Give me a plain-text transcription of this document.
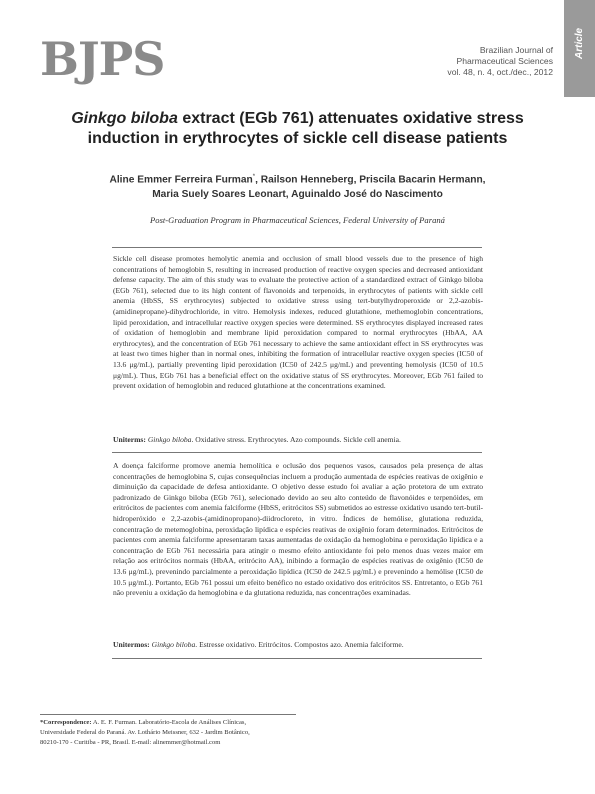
Article
BJPS	Brazilian Journal of
Pharmaceutical Sciences
vol. 48, n. 4, oct./dec., 2012
Ginkgo biloba extract (EGb 761) attenuates oxidative stress
induction in erythrocytes of sickle cell disease patients
Aline Emmer Ferreira Furman*, Railson Henneberg, Priscila Bacarin Hermann,
Maria Suely Soares Leonart, Aguinaldo José do Nascimento
Post-Graduation Program in Pharmaceutical Sciences, Federal University of Paraná

Sickle cell disease promotes hemolytic anemia and occlusion of small blood vessels due to the presence of high concentrations of hemoglobin S, resulting in increased production of reactive oxygen species and decreased antioxidant defense capacity. The aim of this study was to evaluate the protective action of a standardized extract of Ginkgo biloba (EGb 761), selected due to its high content of flavonoids and terpenoids, in erythrocytes of patients with sickle cell anemia (HbSS, SS erythrocytes) subjected to oxidative stress using tert-butylhydroperoxide or 2,2-azobis-(amidinepropane)-dihydrochloride, in vitro. Hemolysis indexes, reduced glutathione, methemoglobin concentrations, lipid peroxidation, and intracellular reactive oxygen species were determined. SS erythrocytes displayed increased rates of oxidation of hemoglobin and membrane lipid peroxidation compared to normal erythrocytes (HbAA, AA erythrocytes), and the concentration of EGb 761 necessary to achieve the same antioxidant effect in SS erythrocytes was at least two times higher than in normal ones, inhibiting the formation of intracellular reactive oxygen species (IC50 of 13.6 μg/mL), partially preventing lipid peroxidation (IC50 of 242.5 μg/mL) and preventing hemolysis (IC50 of 10.5 μg/mL). Thus, EGb 761 has a beneficial effect on the oxidative status of SS erythrocytes. Moreover, EGb 761 failed to prevent oxidation of hemoglobin and reduced glutathione at the concentrations examined.

Uniterms: Ginkgo biloba. Oxidative stress. Erythrocytes. Azo compounds. Sickle cell anemia.

A doença falciforme promove anemia hemolítica e oclusão dos pequenos vasos, causados pela presença de altas concentrações de hemoglobina S, cujas consequências incluem a produção aumentada de espécies reativas de oxigênio e diminuição da capacidade de defesa antioxidante. O objetivo desse estudo foi avaliar a ação protetora de um extrato padronizado de Ginkgo biloba (EGb 761), selecionado devido ao seu alto conteúdo de flavonóides e terpenóides, em eritrócitos de pacientes com anemia falciforme (HbSS, eritrócitos SS) submetidos ao estresse oxidativo usando tert-butil-hidroperóxido e 2,2-azobis-(amidinopropano)-diidrocloreto, in vitro. Índices de hemólise, glutationa reduzida, concentração de metemoglobina, peroxidação lipídica e espécies reativas de oxigênio foram determinados. Eritrócitos de pacientes com anemia falciforme apresentaram taxas aumentadas de oxidação da hemoglobina e peroxidação lipídica e a concentração de EGb 761 necessária para atingir o mesmo efeito antioxidante foi pelo menos duas vezes maior em relação aos eritrócitos normais (HbAA, eritrócito AA), inibindo a formação de espécies reativas de oxigênio (IC50 de 13.6 μg/mL), prevenindo parcialmente a peroxidação lipídica (IC50 de 242.5 μg/mL) e prevenindo a hemólise (IC50 de 10.5 μg/mL). Portanto, EGb 761 possui um efeito benéfico no estado oxidativo dos eritrócitos SS. Entretanto, o EGb 761 não preveniu a oxidação da hemoglobina e da glutationa reduzida, nas concentrações examinadas.

Unitermos: Ginkgo biloba. Estresse oxidativo. Eritrócitos. Compostos azo. Anemia falciforme.
*Correspondence: A. E. F. Furman. Laboratório-Escola de Análises Clínicas,
Universidade Federal do Paraná. Av. Lothário Meissner, 632 - Jardim Botânico,
80210-170 - Curitiba - PR, Brasil. E-mail: alinemmer@hotmail.com
